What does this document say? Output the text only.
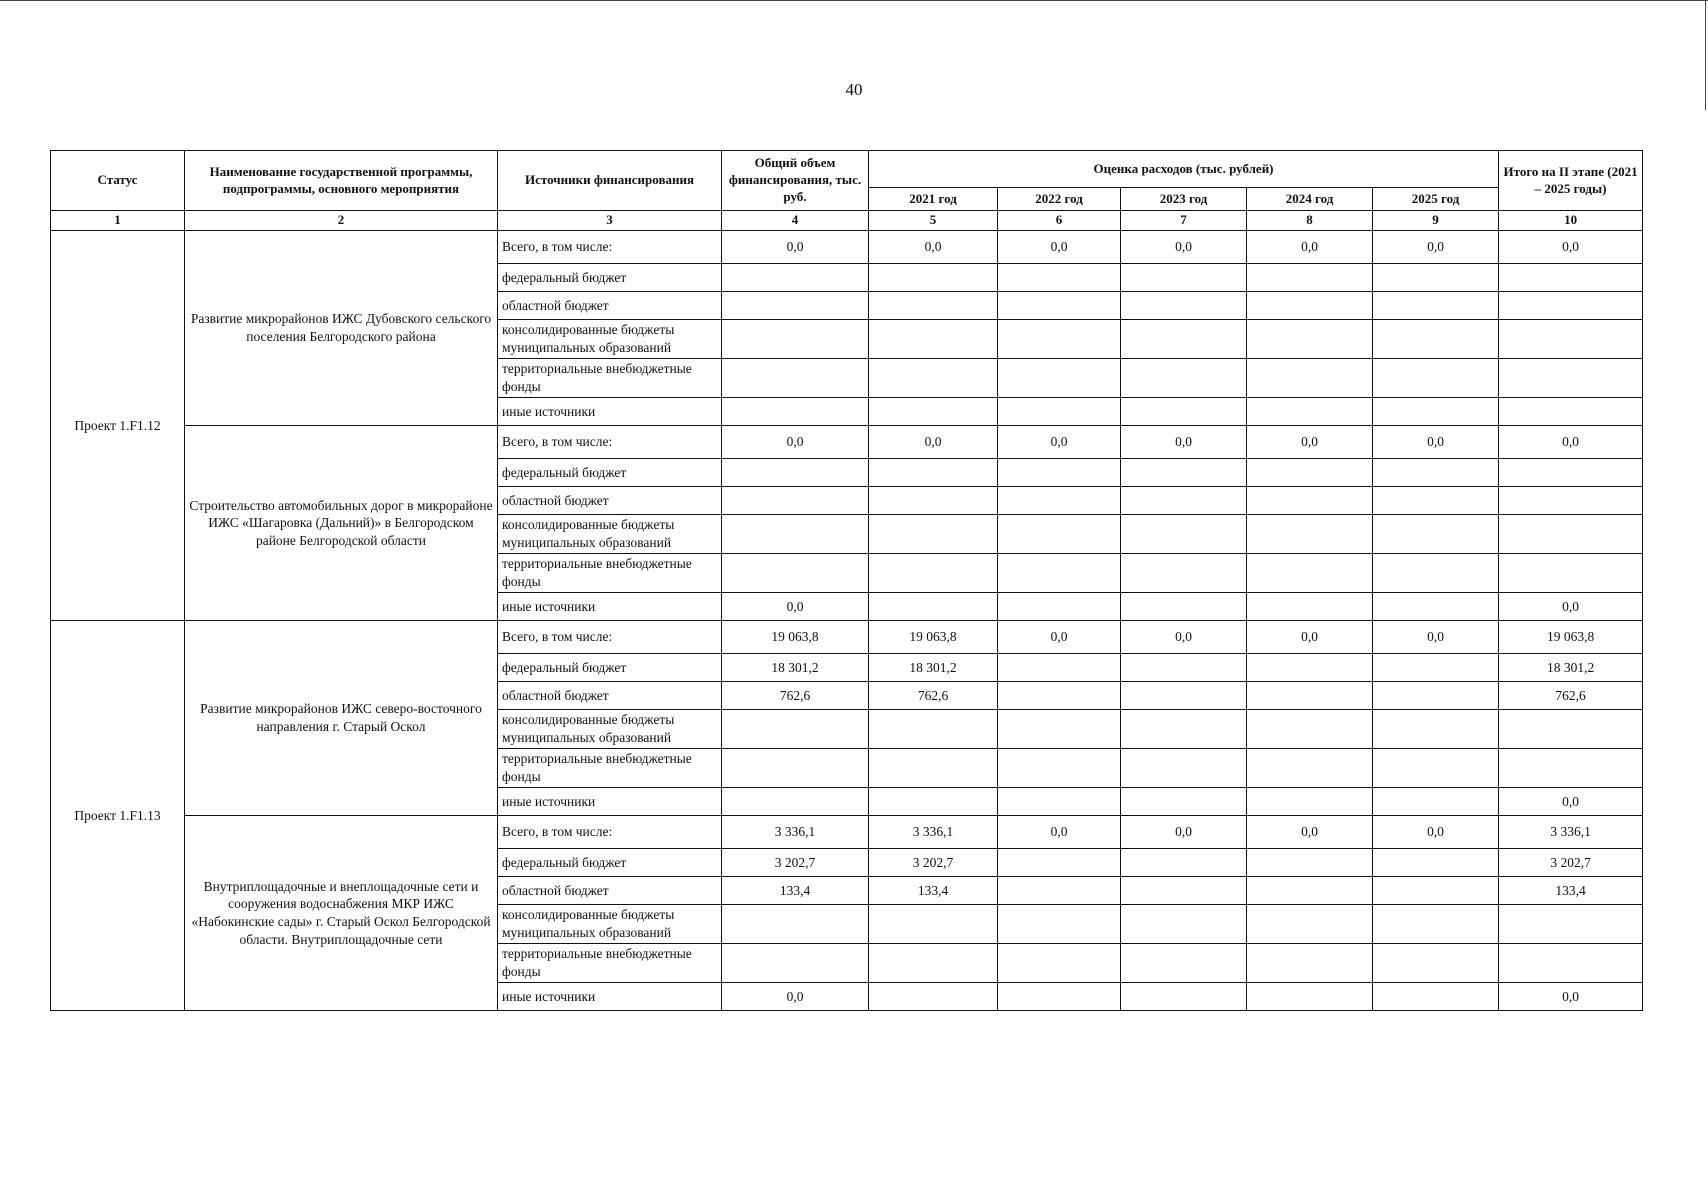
40
Статус	Наименование государственной программы, подпрограммы, основного мероприятия	Источники финансирования	Общий объем финансирования, тыс. руб.	Оценка расходов (тыс. рублей)					Итого на II этапе (2021 – 2025 годы)
				2021 год	2022 год	2023 год	2024 год	2025 год	
1	2	3	4	5	6	7	8	9	10
Проект 1.F1.12	Развитие микрорайонов ИЖС Дубовского сельского поселения Белгородского района	Всего, в том числе:	0,0	0,0	0,0	0,0	0,0	0,0	0,0
		федеральный бюджет							
		областной бюджет							
		консолидированные бюджеты муниципальных образований							
		территориальные внебюджетные фонды							
		иные источники							
	Строительство автомобильных дорог в микрорайоне ИЖС «Шагаровка (Дальний)» в Белгородском районе Белгородской области	Всего, в том числе:	0,0	0,0	0,0	0,0	0,0	0,0	0,0
		федеральный бюджет							
		областной бюджет							
		консолидированные бюджеты муниципальных образований							
		территориальные внебюджетные фонды							
		иные источники	0,0						0,0
Проект 1.F1.13	Развитие микрорайонов ИЖС северо-восточного направления г. Старый Оскол	Всего, в том числе:	19 063,8	19 063,8	0,0	0,0	0,0	0,0	19 063,8
		федеральный бюджет	18 301,2	18 301,2					18 301,2
		областной бюджет	762,6	762,6					762,6
		консолидированные бюджеты муниципальных образований							
		территориальные внебюджетные фонды							
		иные источники							0,0
	Внутриплощадочные и внеплощадочные сети и сооружения водоснабжения МКР ИЖС «Набокинские сады» г. Старый Оскол Белгородской области. Внутриплощадочные сети	Всего, в том числе:	3 336,1	3 336,1	0,0	0,0	0,0	0,0	3 336,1
		федеральный бюджет	3 202,7	3 202,7					3 202,7
		областной бюджет	133,4	133,4					133,4
		консолидированные бюджеты муниципальных образований							
		территориальные внебюджетные фонды							
		иные источники	0,0						0,0
